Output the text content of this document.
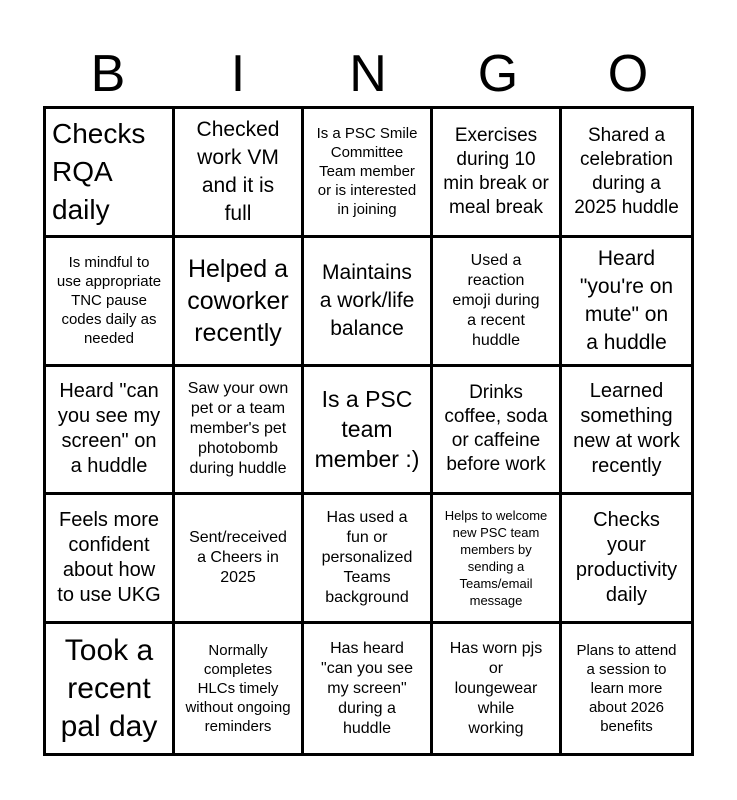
B	I	N	G	O
Checks
RQA
daily
Checked
work VM
and it is
full
Is a PSC Smile
Committee
Team member
or is interested
in joining
Exercises
during 10
min break or
meal break
Shared a
celebration
during a
2025 huddle
Is mindful to
use appropriate
TNC pause
codes daily as
needed
Helped a
coworker
recently
Maintains
a work/life
balance
Used a
reaction
emoji during
a recent
huddle
Heard
"you're on
mute" on
a huddle
Heard "can
you see my
screen" on
a huddle
Saw your own
pet or a team
member's pet
photobomb
during huddle
Is a PSC
team
member :)
Drinks
coffee, soda
or caffeine
before work
Learned
something
new at work
recently
Feels more
confident
about how
to use UKG
Sent/received
a Cheers in
2025
Has used a
fun or
personalized
Teams
background
Helps to welcome
new PSC team
members by
sending a
Teams/email
message
Checks
your
productivity
daily
Took a
recent
pal day
Normally
completes
HLCs timely
without ongoing
reminders
Has heard
"can you see
my screen"
during a
huddle
Has worn pjs
or
loungewear
while
working
Plans to attend
a session to
learn more
about 2026
benefits
